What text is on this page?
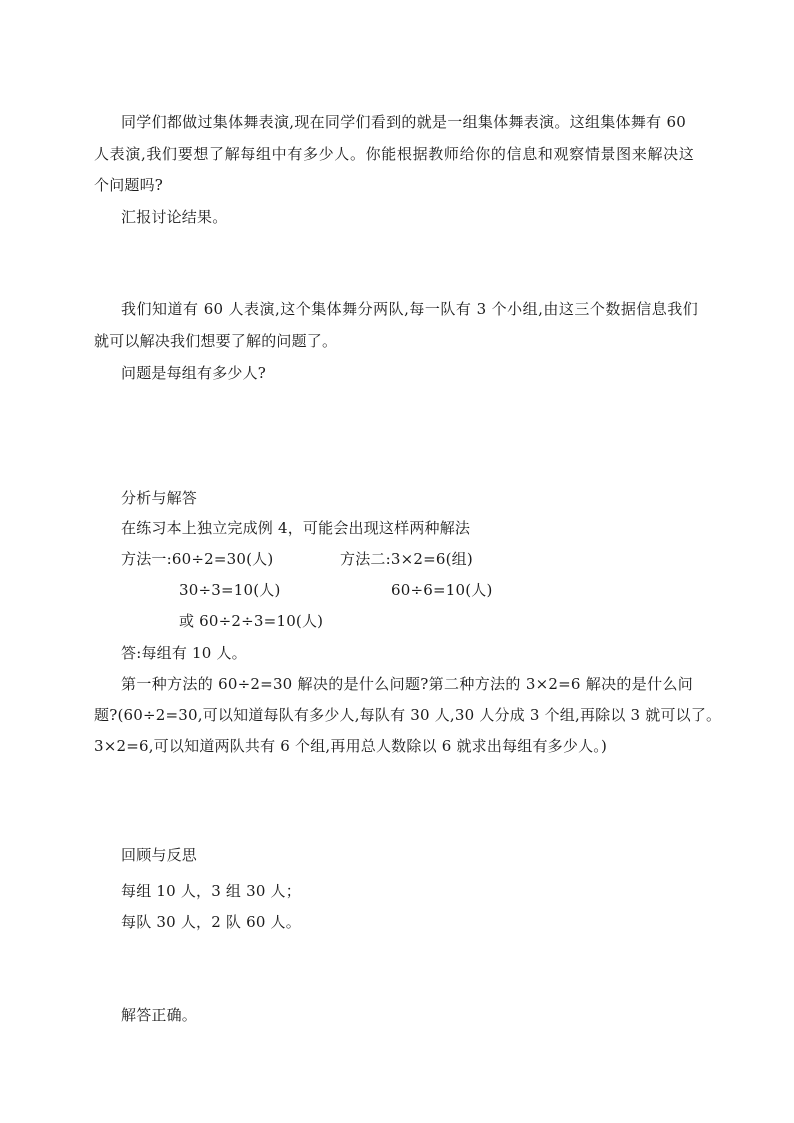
同学们都做过集体舞表演,现在同学们看到的就是一组集体舞表演。这组集体舞有 60
人表演,我们要想了解每组中有多少人。你能根据教师给你的信息和观察情景图来解决这
个问题吗?
汇报讨论结果。
我们知道有 60 人表演,这个集体舞分两队,每一队有 3 个小组,由这三个数据信息我们
就可以解决我们想要了解的问题了。
问题是每组有多少人?
分析与解答
在练习本上独立完成例 4，可能会出现这样两种解法
方法一:60÷2=30(人)	方法二:3×2=6(组)
30÷3=10(人)	60÷6=10(人)
或 60÷2÷3=10(人)
答:每组有 10 人。
第一种方法的 60÷2=30 解决的是什么问题?第二种方法的 3×2=6 解决的是什么问
题?(60÷2=30,可以知道每队有多少人,每队有 30 人,30 人分成 3 个组,再除以 3 就可以了。
3×2=6,可以知道两队共有 6 个组,再用总人数除以 6 就求出每组有多少人。)
回顾与反思
每组 10 人，3 组 30 人；
每队 30 人，2 队 60 人。
解答正确。
